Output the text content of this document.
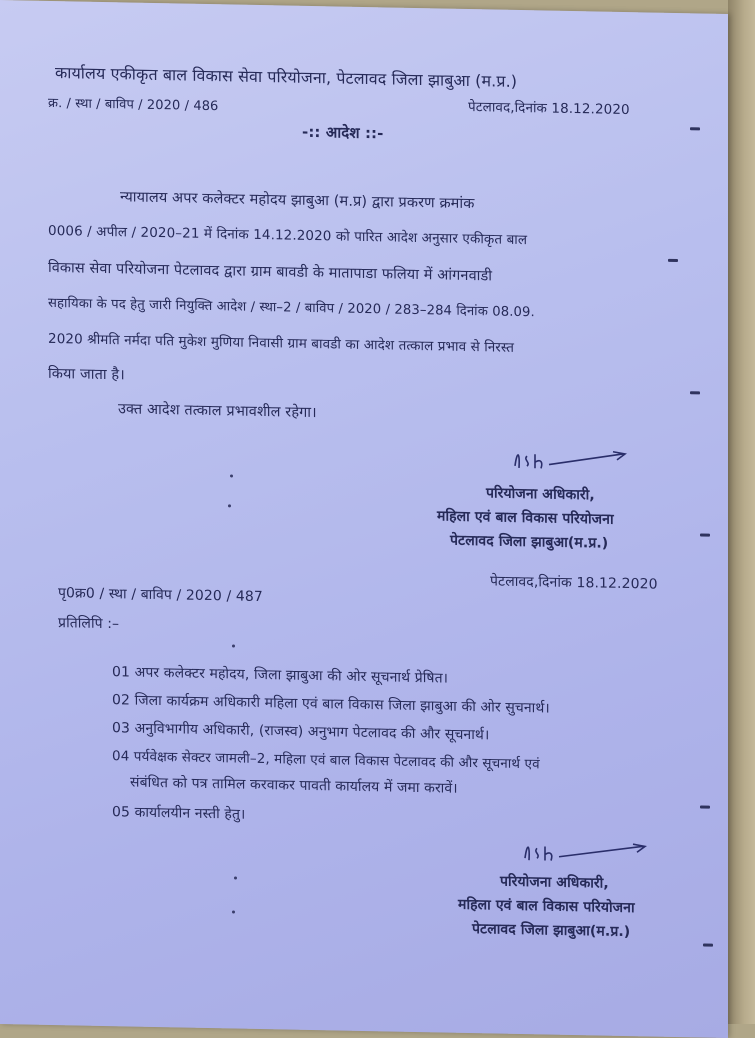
कार्यालय एकीकृत बाल विकास सेवा परियोजना, पेटलावद जिला झाबुआ (म.प्र.)
क्र. / स्था / बाविप / 2020 / 486	पेटलावद,दिनांक 18.12.2020
-:: आदेश ::-
न्यायालय अपर कलेक्टर महोदय झाबुआ (म.प्र) द्वारा प्रकरण क्रमांक
0006 / अपील / 2020–21 में दिनांक 14.12.2020 को पारित आदेश अनुसार एकीकृत बाल
विकास सेवा परियोजना पेटलावद द्वारा ग्राम बावडी के मातापाडा फलिया में आंगनवाडी
सहायिका के पद हेतु जारी नियुक्ति आदेश / स्था–2 / बाविप / 2020 / 283–284 दिनांक 08.09.
2020 श्रीमति नर्मदा पति मुकेश मुणिया निवासी ग्राम बावडी का आदेश तत्काल प्रभाव से निरस्त
किया जाता है।
उक्त आदेश तत्काल प्रभावशील रहेगा।
परियोजना अधिकारी,
महिला एवं बाल विकास परियोजना
पेटलावद जिला झाबुआ(म.प्र.)
पेटलावद,दिनांक 18.12.2020
पृ0क्र0 / स्था / बाविप / 2020 / 487
प्रतिलिपि :–
01 अपर कलेक्टर महोदय, जिला झाबुआ की ओर सूचनार्थ प्रेषित।
02 जिला कार्यक्रम अधिकारी महिला एवं बाल विकास जिला झाबुआ की ओर सुचनार्थ।
03 अनुविभागीय अधिकारी, (राजस्व) अनुभाग पेटलावद की और सूचनार्थ।
04 पर्यवेक्षक सेक्टर जामली–2, महिला एवं बाल विकास पेटलावद की और सूचनार्थ एवं
संबंधित को पत्र तामिल करवाकर पावती कार्यालय में जमा करावें।
05 कार्यालयीन नस्ती हेतु।
परियोजना अधिकारी,
महिला एवं बाल विकास परियोजना
पेटलावद जिला झाबुआ(म.प्र.)
